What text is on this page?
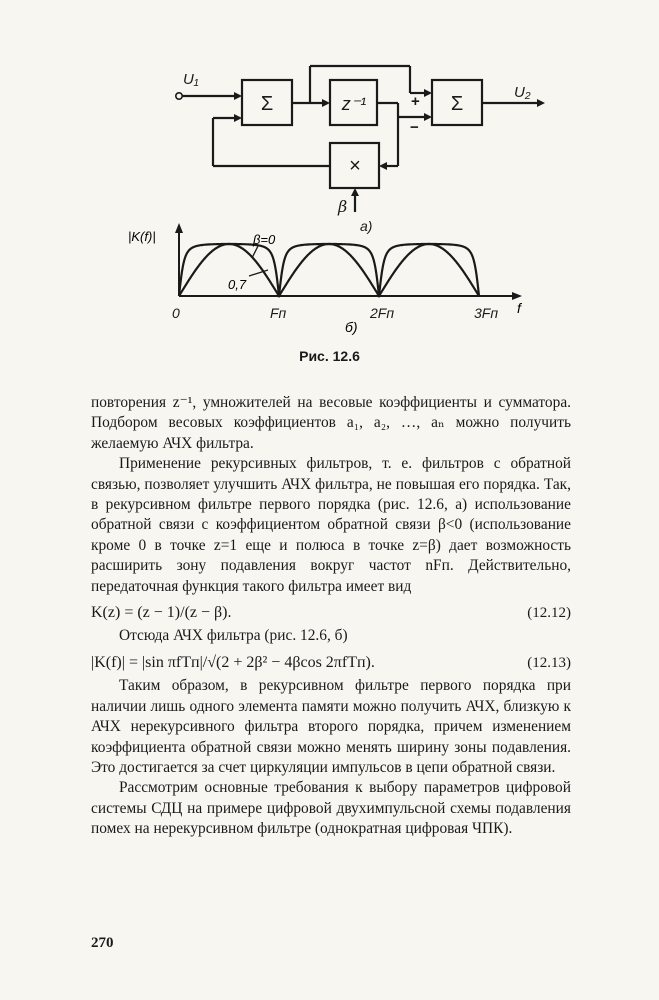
U₁
U₂
Σ	z⁻¹	Σ
×
+
−
β
а)
|K(f)|
f
β=0
0,7
0	Fп	2Fп	3Fп
б)
Рис. 12.6

повторения z⁻¹, умножителей на весовые коэффициенты и сумматора. Подбором весовых коэффициентов a₁, a₂, …, aₙ можно получить желаемую АЧХ фильтра.

Применение рекурсивных фильтров, т. е. фильтров с обратной связью, позволяет улучшить АЧХ фильтра, не повышая его порядка. Так, в рекурсивном фильтре первого порядка (рис. 12.6, а) использование обратной связи с коэффициентом обратной связи β<0 (использование кроме 0 в точке z=1 еще и полюса в точке z=β) дает возможность расширить зону подавления вокруг частот nFп. Действительно, передаточная функция такого фильтра имеет вид

K(z) = (z − 1)/(z − β).	(12.12)

Отсюда АЧХ фильтра (рис. 12.6, б)

|K(f)| = |sin πfTп|/√(2 + 2β² − 4βcos 2πfTп).	(12.13)

Таким образом, в рекурсивном фильтре первого порядка при наличии лишь одного элемента памяти можно получить АЧХ, близкую к АЧХ нерекурсивного фильтра второго порядка, причем изменением коэффициента обратной связи можно менять ширину зоны подавления. Это достигается за счет циркуляции импульсов в цепи обратной связи.

Рассмотрим основные требования к выбору параметров цифровой системы СДЦ на примере цифровой двухимпульсной схемы подавления помех на нерекурсивном фильтре (однократная цифровая ЧПК).

270
